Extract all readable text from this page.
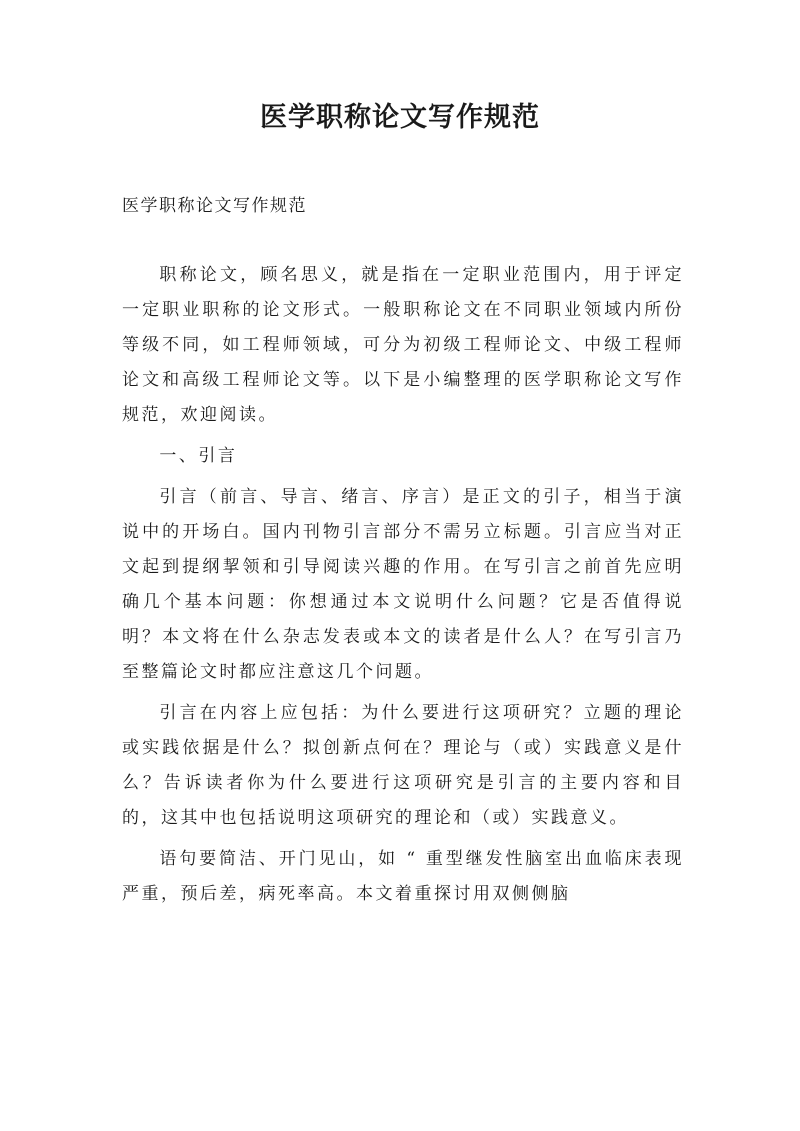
医学职称论文写作规范

医学职称论文写作规范

职称论文，顾名思义，就是指在一定职业范围内，用于评定一定职业职称的论文形式。一般职称论文在不同职业领域内所份等级不同，如工程师领域，可分为初级工程师论文、中级工程师论文和高级工程师论文等。以下是小编整理的医学职称论文写作规范，欢迎阅读。

一、引言

引言（前言、导言、绪言、序言）是正文的引子，相当于演说中的开场白。国内刊物引言部分不需另立标题。引言应当对正文起到提纲挈领和引导阅读兴趣的作用。在写引言之前首先应明确几个基本问题：你想通过本文说明什么问题？它是否值得说明？本文将在什么杂志发表或本文的读者是什么人？在写引言乃至整篇论文时都应注意这几个问题。

引言在内容上应包括：为什么要进行这项研究？立题的理论或实践依据是什么？拟创新点何在？理论与（或）实践意义是什么？告诉读者你为什么要进行这项研究是引言的主要内容和目的，这其中也包括说明这项研究的理论和（或）实践意义。

语句要简洁、开门见山，如 “ 重型继发性脑室出血临床表现严重，预后差，病死率高。本文着重探讨用双侧侧脑
